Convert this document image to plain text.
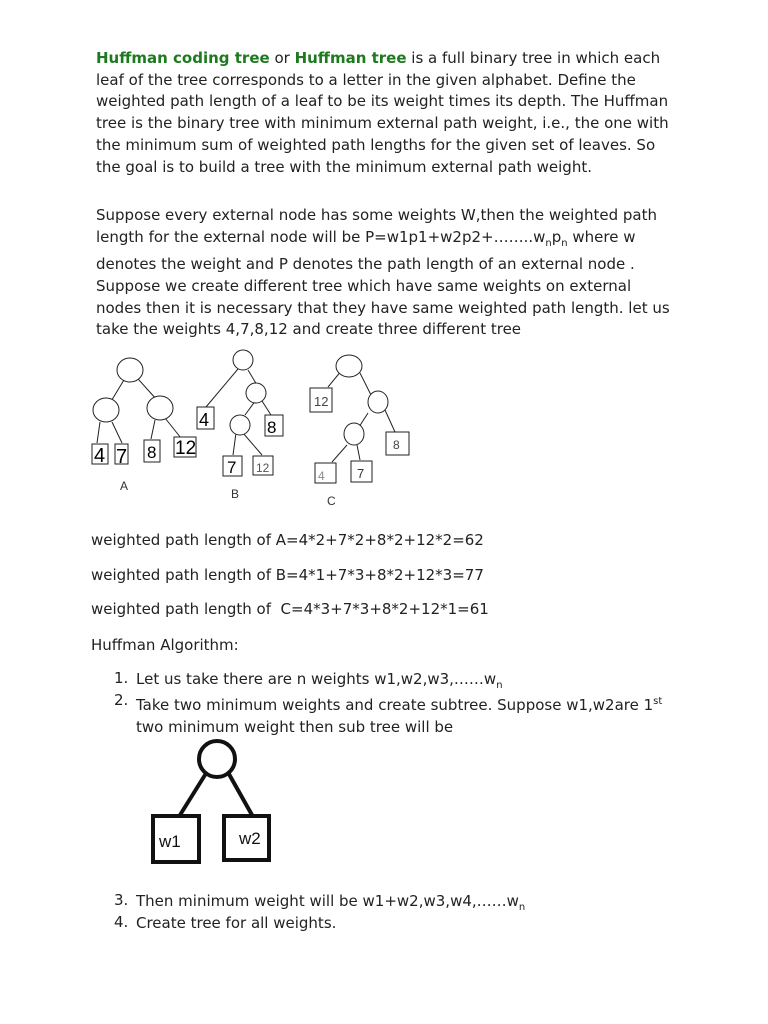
Huffman coding tree or Huffman tree is a full binary tree in which each leaf of the tree corresponds to a letter in the given alphabet. Define the weighted path length of a leaf to be its weight times its depth. The Huffman tree is the binary tree with minimum external path weight, i.e., the one with the minimum sum of weighted path lengths for the given set of leaves. So the goal is to build a tree with the minimum external path weight.

Suppose every external node has some weights W,then the weighted path length for the external node will be $P=w1p1+w2p2+\dots\dots..w_np_n$ where w denotes the weight and P denotes the path length of an external node .

Suppose we create different tree which have same weights on external nodes then it is necessary that they have same weighted path length. let us take the weights 4,7,8,12 and create three different tree

4 7 8 12
4	8
7 12
12
8
4 7
A
B	C

weighted path length of A=4*2+7*2+8*2+12*2=62

weighted path length of B=4*1+7*3+8*2+12*3=77

weighted path length of  C=4*3+7*3+8*2+12*1=61

Huffman Algorithm:

1. Let us take there are n weights $w1,w2,w3,\dots\dots w_n$

2. Take two minimum weights and create subtree. Suppose w1,w2are 1st
two minimum weight then sub tree will be

w1	w2

3. Then minimum weight will be $w1+w2,w3,w4,\dots\dots w_n$

4. Create tree for all weights.
